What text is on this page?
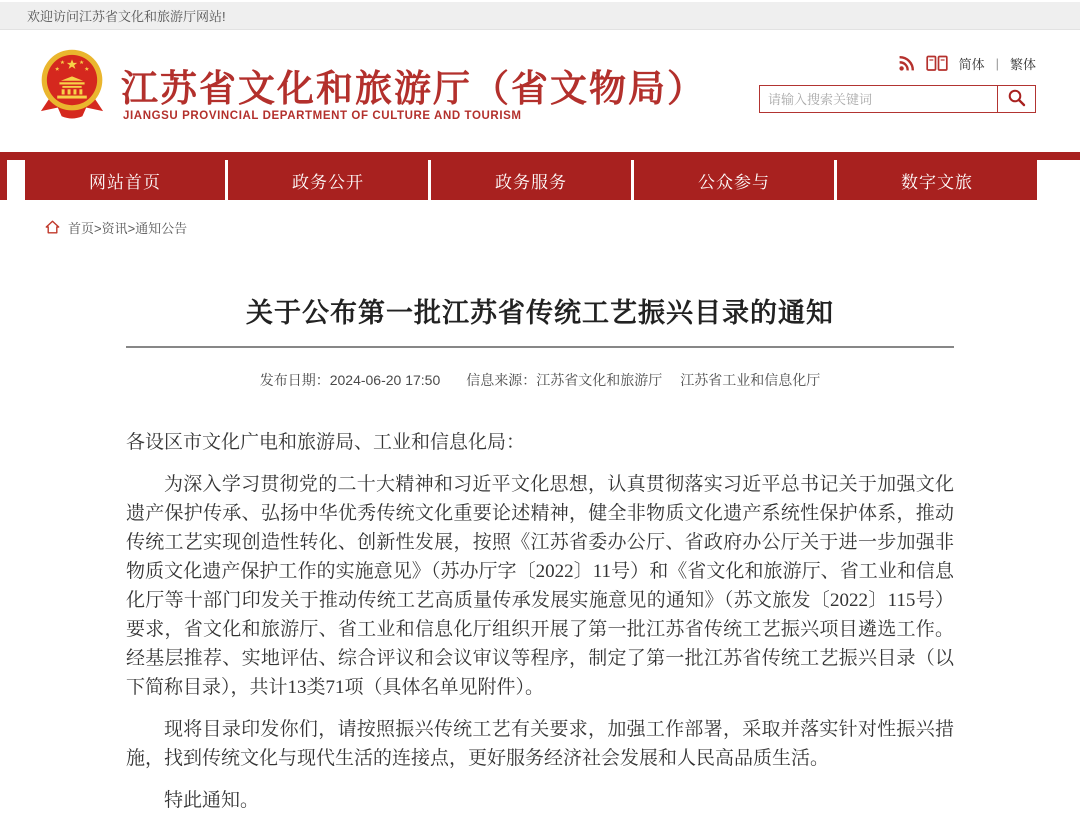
欢迎访问江苏省文化和旅游厅网站!
江苏省文化和旅游厅（省文物局）
JIANGSU PROVINCIAL DEPARTMENT OF CULTURE AND TOURISM
简体 | 繁体
请输入搜索关键词
网站首页	政务公开	政务服务	公众参与	数字文旅
首页>资讯>通知公告
关于公布第一批江苏省传统工艺振兴目录的通知
发布日期：2024-06-20 17:50 信息来源：江苏省文化和旅游厅 江苏省工业和信息化厅

各设区市文化广电和旅游局、工业和信息化局：

为深入学习贯彻党的二十大精神和习近平文化思想，认真贯彻落实习近平总书记关于加强文化遗产保护传承、弘扬中华优秀传统文化重要论述精神，健全非物质文化遗产系统性保护体系，推动传统工艺实现创造性转化、创新性发展，按照《江苏省委办公厅、省政府办公厅关于进一步加强非物质文化遗产保护工作的实施意见》（苏办厅字〔2022〕11号）和《省文化和旅游厅、省工业和信息化厅等十部门印发关于推动传统工艺高质量传承发展实施意见的通知》（苏文旅发〔2022〕115号）要求，省文化和旅游厅、省工业和信息化厅组织开展了第一批江苏省传统工艺振兴项目遴选工作。经基层推荐、实地评估、综合评议和会议审议等程序，制定了第一批江苏省传统工艺振兴目录（以下简称目录），共计13类71项（具体名单见附件）。

现将目录印发你们，请按照振兴传统工艺有关要求，加强工作部署，采取并落实针对性振兴措施，找到传统文化与现代生活的连接点，更好服务经济社会发展和人民高品质生活。

特此通知。
